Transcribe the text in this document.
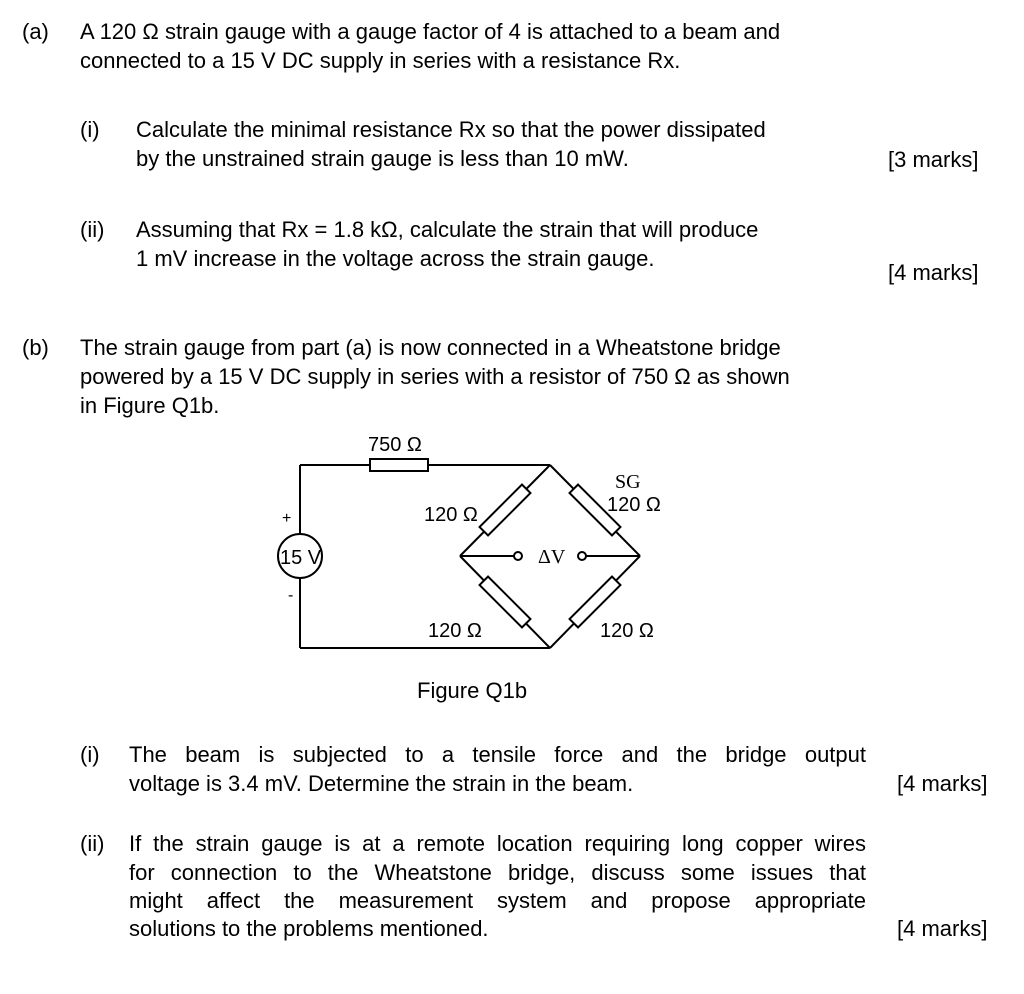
(a) A 120 Ω strain gauge with a gauge factor of 4 is attached to a beam and
connected to a 15 V DC supply in series with a resistance Rx.
(i) Calculate the minimal resistance Rx so that the power dissipated
by the unstrained strain gauge is less than 10 mW.	[3 marks]
(ii) Assuming that Rx = 1.8 kΩ, calculate the strain that will produce
1 mV increase in the voltage across the strain gauge.
[4 marks]
(b) The strain gauge from part (a) is now connected in a Wheatstone bridge
powered by a 15 V DC supply in series with a resistor of 750 Ω as shown
in Figure Q1b.
750 Ω
120 Ω
SG
120 Ω
15 V
+
-
ΔV
120 Ω	120 Ω
Figure Q1b
(i) The beam is subjected to a tensile force and the bridge output
voltage is 3.4 mV. Determine the strain in the beam.	[4 marks]
(ii) If the strain gauge is at a remote location requiring long copper wires
for connection to the Wheatstone bridge, discuss some issues that
might affect the measurement system and propose appropriate
solutions to the problems mentioned.	[4 marks]
